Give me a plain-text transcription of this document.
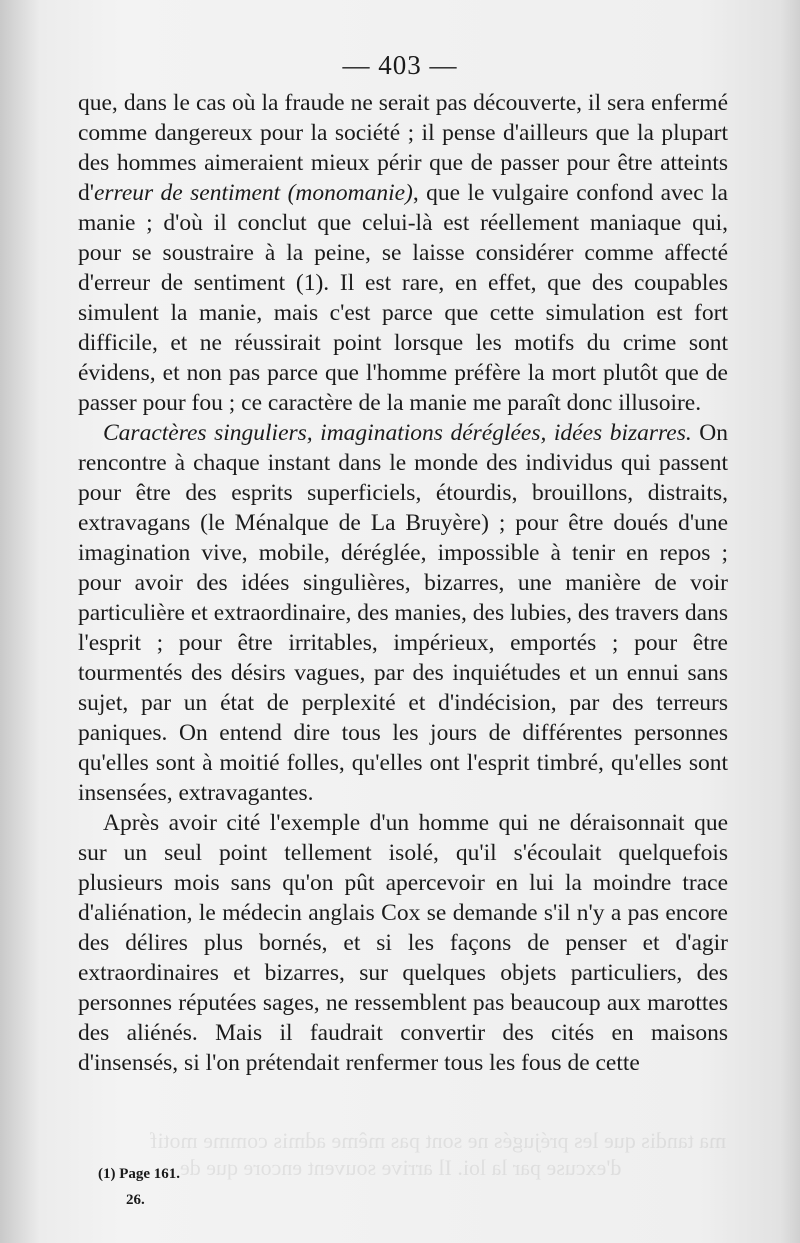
ma tandis que les préjugés ne sont pas même admis comme motif
d'excuse par la loi. Il arrive souvent encore que de
— 403 —

que, dans le cas où la fraude ne serait pas découverte, il sera enfermé comme dangereux pour la société ; il pense d'ailleurs que la plupart des hommes aimeraient mieux périr que de passer pour être atteints d'erreur de sentiment (monomanie), que le vulgaire confond avec la manie ; d'où il conclut que celui-là est réellement maniaque qui, pour se soustraire à la peine, se laisse considérer comme affecté d'erreur de sentiment (1). Il est rare, en effet, que des coupables simulent la manie, mais c'est parce que cette simulation est fort difficile, et ne réussirait point lorsque les motifs du crime sont évidens, et non pas parce que l'homme préfère la mort plutôt que de passer pour fou ; ce caractère de la manie me paraît donc illusoire.

Caractères singuliers, imaginations déréglées, idées bizarres. On rencontre à chaque instant dans le monde des individus qui passent pour être des esprits superficiels, étourdis, brouillons, distraits, extravagans (le Ménalque de La Bruyère) ; pour être doués d'une imagination vive, mobile, déréglée, impossible à tenir en repos ; pour avoir des idées singulières, bizarres, une manière de voir particulière et extraordinaire, des manies, des lubies, des travers dans l'esprit ; pour être irritables, impérieux, emportés ; pour être tourmentés des désirs vagues, par des inquiétudes et un ennui sans sujet, par un état de perplexité et d'indécision, par des terreurs paniques. On entend dire tous les jours de différentes personnes qu'elles sont à moitié folles, qu'elles ont l'esprit timbré, qu'elles sont insensées, extravagantes.

Après avoir cité l'exemple d'un homme qui ne déraisonnait que sur un seul point tellement isolé, qu'il s'écoulait quelquefois plusieurs mois sans qu'on pût apercevoir en lui la moindre trace d'aliénation, le médecin anglais Cox se demande s'il n'y a pas encore des délires plus bornés, et si les façons de penser et d'agir extraordinaires et bizarres, sur quelques objets particuliers, des personnes réputées sages, ne ressemblent pas beaucoup aux marottes des aliénés. Mais il faudrait convertir des cités en maisons d'insensés, si l'on prétendait renfermer tous les fous de cette

(1) Page 161.
26.
